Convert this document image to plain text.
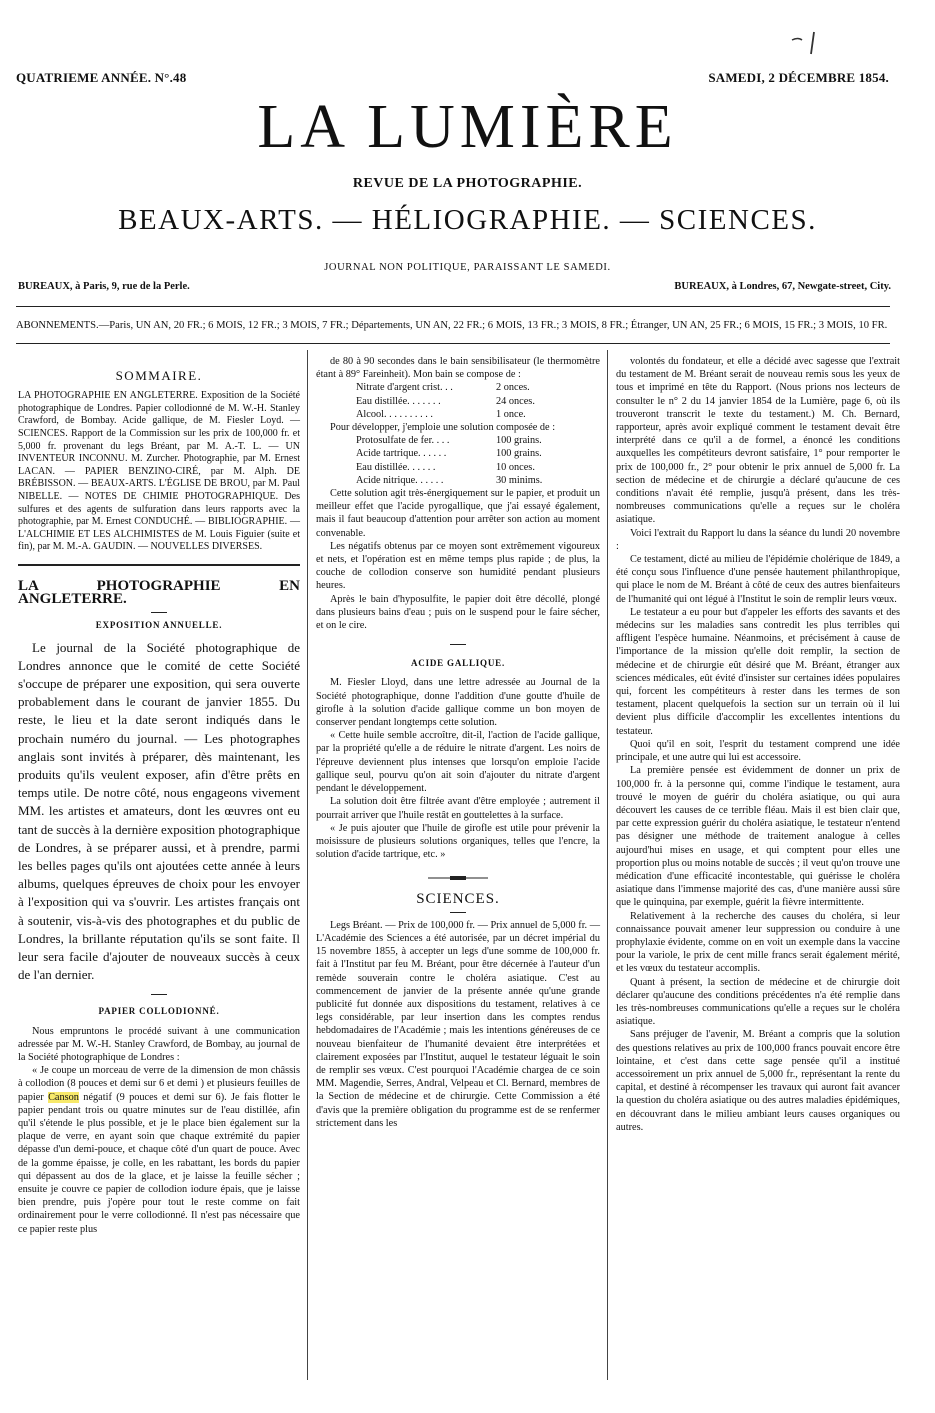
QUATRIEME ANNÉE. N°.48	SAMEDI, 2 DÉCEMBRE 1854.
LA LUMIÈRE
REVUE DE LA PHOTOGRAPHIE.
BEAUX-ARTS. — HÉLIOGRAPHIE. — SCIENCES.
JOURNAL NON POLITIQUE, PARAISSANT LE SAMEDI.
BUREAUX, à Paris, 9, rue de la Perle.	BUREAUX, à Londres, 67, Newgate-street, City.
ABONNEMENTS.—Paris, UN AN, 20 FR.; 6 MOIS, 12 FR.; 3 MOIS, 7 FR.; Départements, UN AN, 22 FR.; 6 MOIS, 13 FR.; 3 MOIS, 8 FR.; Étranger, UN AN, 25 FR.; 6 MOIS, 15 FR.; 3 MOIS, 10 FR.

SOMMAIRE.

LA PHOTOGRAPHIE EN ANGLETERRE. Exposition de la Société photographique de Londres. Papier collodionné de M. W.-H. Stanley Crawford, de Bombay. Acide gallique, de M. Fiesler Loyd. — SCIENCES. Rapport de la Commission sur les prix de 100,000 fr. et 5,000 fr. provenant du legs Bréant, par M. A.-T. L. — UN INVENTEUR INCONNU. M. Zurcher. Photographie, par M. Ernest LACAN. — PAPIER BENZINO-CIRÉ, par M. Alph. DE BRÉBISSON. — BEAUX-ARTS. L'ÉGLISE DE BROU, par M. Paul NIBELLE. — NOTES DE CHIMIE PHOTOGRAPHIQUE. Des sulfures et des agents de sulfuration dans leurs rapports avec la photographie, par M. Ernest CONDUCHÉ. — BIBLIOGRAPHIE. — L'ALCHIMIE ET LES ALCHIMISTES de M. Louis Figuier (suite et fin), par M. M.-A. GAUDIN. — NOUVELLES DIVERSES.

LA PHOTOGRAPHIE EN ANGLETERRE.

EXPOSITION ANNUELLE.

Le journal de la Société photographique de Londres annonce que le comité de cette Société s'occupe de préparer une exposition, qui sera ouverte probablement dans le courant de janvier 1855. Du reste, le lieu et la date seront indiqués dans le prochain numéro du journal. — Les photographes anglais sont invités à préparer, dès maintenant, les produits qu'ils veulent exposer, afin d'être prêts en temps utile. De notre côté, nous engageons vivement MM. les artistes et amateurs, dont les œuvres ont eu tant de succès à la dernière exposition photographique de Londres, à se préparer aussi, et à prendre, parmi les belles pages qu'ils ont ajoutées cette année à leurs albums, quelques épreuves de choix pour les envoyer à l'exposition qui va s'ouvrir. Les artistes français ont à soutenir, vis-à-vis des photographes et du public de Londres, la brillante réputation qu'ils se sont faite. Il leur sera facile d'ajouter de nouveaux succès à ceux de l'an dernier.

PAPIER COLLODIONNÉ.

Nous empruntons le procédé suivant à une communication adressée par M. W.-H. Stanley Crawford, de Bombay, au journal de la Société photographique de Londres :

« Je coupe un morceau de verre de la dimension de mon châssis à collodion (8 pouces et demi sur 6 et demi ) et plusieurs feuilles de papier Canson négatif (9 pouces et demi sur 6). Je fais flotter le papier pendant trois ou quatre minutes sur de l'eau distillée, afin qu'il s'étende le plus possible, et je le place bien également sur la plaque de verre, en ayant soin que chaque extrémité du papier dépasse d'un demi-pouce, et chaque côté d'un quart de pouce. Avec de la gomme épaisse, je colle, en les rabattant, les bords du papier qui dépassent au dos de la glace, et je laisse la feuille sécher ; ensuite je couvre ce papier de collodion iodure épais, que je laisse bien prendre, puis j'opère pour tout le reste comme on fait ordinairement pour le verre collodionné. Il n'est pas nécessaire que ce papier reste plus

de 80 à 90 secondes dans le bain sensibilisateur (le thermomètre étant à 89° Fareinheit). Mon bain se compose de :

Nitrate d'argent crist. . .	2 onces.
Eau distillée. . . . . . .	24 onces.
Alcool. . . . . . . . . .	1 once.

Pour développer, j'emploie une solution composée de :

Protosulfate de fer. . . .	100 grains.
Acide tartrique. . . . . .	100 grains.
Eau distillée. . . . . .	10 onces.
Acide nitrique. . . . . .	30 minims.

Cette solution agit très-énergiquement sur le papier, et produit un meilleur effet que l'acide pyrogallique, que j'ai essayé également, mais il faut beaucoup d'attention pour arrêter son action au moment convenable.

Les négatifs obtenus par ce moyen sont extrêmement vigoureux et nets, et l'opération est en même temps plus rapide ; de plus, la couche de collodion conserve son humidité pendant plusieurs heures.

Après le bain d'hyposulfite, le papier doit être décollé, plongé dans plusieurs bains d'eau ; puis on le suspend pour le faire sécher, et on le cire.

ACIDE GALLIQUE.

M. Fiesler Lloyd, dans une lettre adressée au Journal de la Société photographique, donne l'addition d'une goutte d'huile de girofle à la solution d'acide gallique comme un bon moyen de conserver pendant longtemps cette solution.

« Cette huile semble accroître, dit-il, l'action de l'acide gallique, par la propriété qu'elle a de réduire le nitrate d'argent. Les noirs de l'épreuve deviennent plus intenses que lorsqu'on emploie l'acide gallique seul, pourvu qu'on ait soin d'ajouter du nitrate d'argent pendant le développement.

La solution doit être filtrée avant d'être employée ; autrement il pourrait arriver que l'huile restât en gouttelettes à la surface.

« Je puis ajouter que l'huile de girofle est utile pour prévenir la moisissure de plusieurs solutions organiques, telles que l'encre, la solution d'acide tartrique, etc. »

SCIENCES.

Legs Bréant. — Prix de 100,000 fr. — Prix annuel de 5,000 fr. — L'Académie des Sciences a été autorisée, par un décret impérial du 15 novembre 1855, à accepter un legs d'une somme de 100,000 fr. fait à l'Institut par feu M. Bréant, pour être décernée à l'auteur d'un remède souverain contre le choléra asiatique. C'est au commencement de janvier de la présente année qu'une grande publicité fut donnée aux dispositions du testament, relatives à ce legs considérable, par leur insertion dans les comptes rendus hebdomadaires de l'Académie ; mais les intentions généreuses de ce nouveau bienfaiteur de l'humanité devaient être interprétées et clairement exposées par l'Institut, auquel le testateur léguait le soin de remplir ses vœux. C'est pourquoi l'Académie chargea de ce soin MM. Magendie, Serres, Andral, Velpeau et Cl. Bernard, membres de la Section de médecine et de chirurgie. Cette Commission a été d'avis que la première obligation du programme est de se renfermer strictement dans les

volontés du fondateur, et elle a décidé avec sagesse que l'extrait du testament de M. Bréant serait de nouveau remis sous les yeux de tous et imprimé en tête du Rapport. (Nous prions nos lecteurs de consulter le n° 2 du 14 janvier 1854 de la Lumière, page 6, où ils trouveront transcrit le texte du testament.) M. Ch. Bernard, rapporteur, après avoir expliqué comment le testament devait être interprété dans ce qu'il a de formel, a énoncé les conditions auxquelles les compétiteurs devront satisfaire, 1° pour remporter le prix de 100,000 fr., 2° pour obtenir le prix annuel de 5,000 fr. La section de médecine et de chirurgie a déclaré qu'aucune de ces conditions n'avait été remplie, jusqu'à présent, dans les très-nombreuses communications qu'elle a reçues sur le choléra asiatique.

Voici l'extrait du Rapport lu dans la séance du lundi 20 novembre :

Ce testament, dicté au milieu de l'épidémie cholérique de 1849, a été conçu sous l'influence d'une pensée hautement philanthropique, qui place le nom de M. Bréant à côté de ceux des autres bienfaiteurs de l'humanité qui ont légué à l'Institut le soin de remplir leurs vœux.

Le testateur a eu pour but d'appeler les efforts des savants et des médecins sur les maladies sans contredit les plus terribles qui affligent l'espèce humaine. Néanmoins, et précisément à cause de l'importance de la mission qu'elle doit remplir, la section de médecine et de chirurgie eût désiré que M. Bréant, étranger aux sciences médicales, eût évité d'insister sur certaines idées populaires qui, forcent les compétiteurs à rester dans les termes de son testament, placent quelquefois la section sur un terrain où il lui devient plus difficile d'accomplir les excellentes intentions du testateur.

Quoi qu'il en soit, l'esprit du testament comprend une idée principale, et une autre qui lui est accessoire.

La première pensée est évidemment de donner un prix de 100,000 fr. à la personne qui, comme l'indique le testament, aura trouvé le moyen de guérir du choléra asiatique, ou qui aura découvert les causes de ce terrible fléau. Mais il est bien clair que, par cette expression guérir du choléra asiatique, le testateur n'entend pas désigner une méthode de traitement analogue à celles aujourd'hui mises en usage, et qui comptent pour elles une proportion plus ou moins notable de succès ; il veut qu'on trouve une médication d'une efficacité incontestable, qui guérisse le choléra asiatique dans l'immense majorité des cas, d'une manière aussi sûre que le quinquina, par exemple, guérit la fièvre intermittente.

Relativement à la recherche des causes du choléra, si leur connaissance pouvait amener leur suppression ou conduire à une prophylaxie évidente, comme on en voit un exemple dans la vaccine pour la variole, le prix de cent mille francs serait également mérité, et les vœux du testateur accomplis.

Quant à présent, la section de médecine et de chirurgie doit déclarer qu'aucune des conditions précédentes n'a été remplie dans les très-nombreuses communications qu'elle a reçues sur le choléra asiatique.

Sans préjuger de l'avenir, M. Bréant a compris que la solution des questions relatives au prix de 100,000 francs pouvait encore être lointaine, et c'est dans cette sage pensée qu'il a institué accessoirement un prix annuel de 5,000 fr., représentant la rente du capital, et destiné à récompenser les travaux qui auront fait avancer la question du choléra asiatique ou des autres maladies épidémiques, en découvrant dans le milieu ambiant leurs causes organiques ou autres.
